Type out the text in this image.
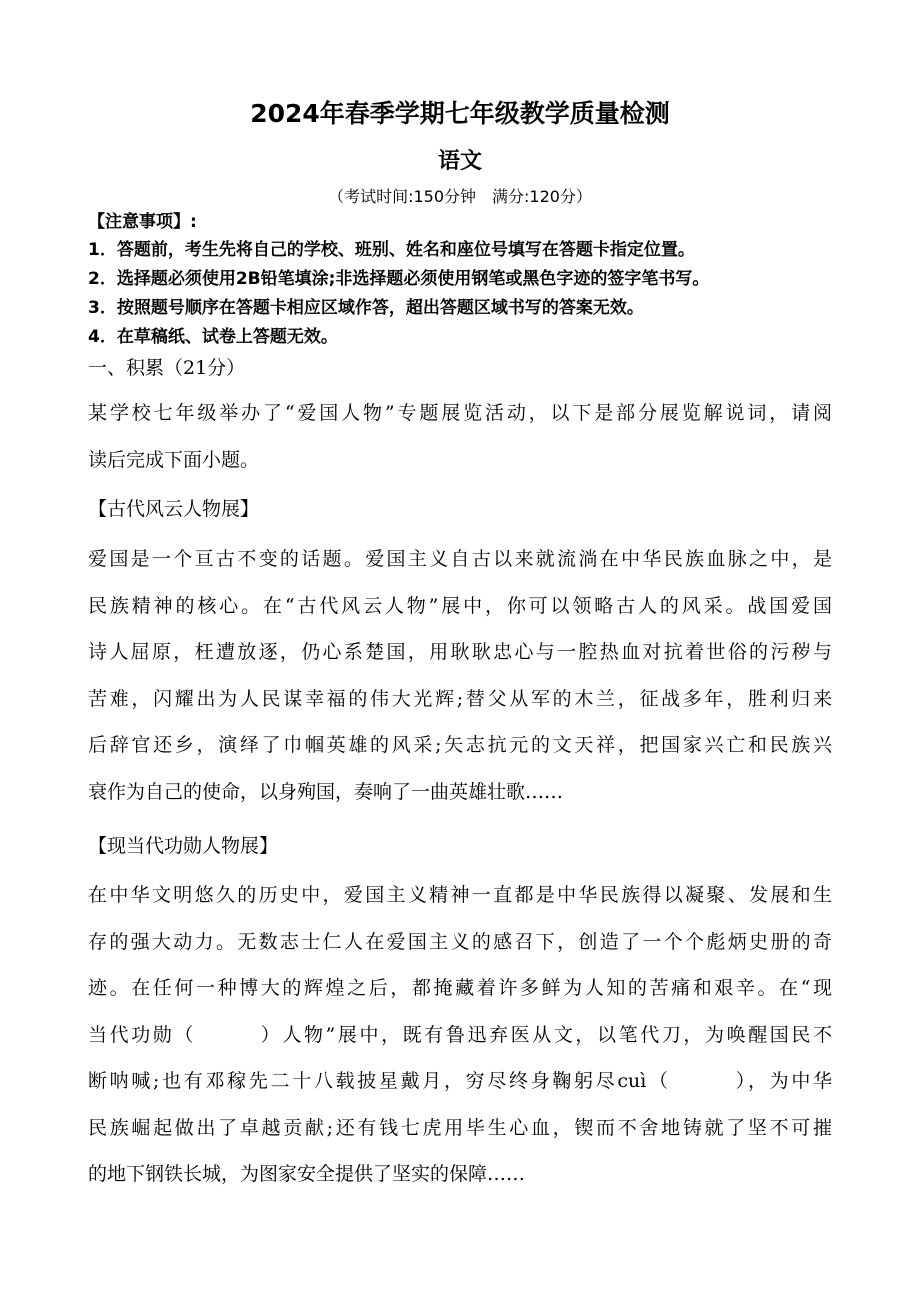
2024年春季学期七年级教学质量检测
语文
（考试时间:150分钟　满分:120分）
【注意事项】:
1．答题前，考生先将自己的学校、班别、姓名和座位号填写在答题卡指定位置。
2．选择题必须使用2B铅笔填涂;非选择题必须使用钢笔或黑色字迹的签字笔书写。
3．按照题号顺序在答题卡相应区域作答，超出答题区域书写的答案无效。
4．在草稿纸、试卷上答题无效。
一、积累（21分）
某学校七年级举办了“爱国人物”专题展览活动，以下是部分展览解说词，请阅
读后完成下面小题。
【古代风云人物展】
爱国是一个亘古不变的话题。爱国主义自古以来就流淌在中华民族血脉之中，是
民族精神的核心。在“古代风云人物”展中，你可以领略古人的风采。战国爱国
诗人屈原，枉遭放逐，仍心系楚国，用耿耿忠心与一腔热血对抗着世俗的污秽与
苦难，闪耀出为人民谋幸福的伟大光辉;替父从军的木兰，征战多年，胜利归来
后辞官还乡，演绎了巾帼英雄的风采;矢志抗元的文天祥，把国家兴亡和民族兴
衰作为自己的使命，以身殉国，奏响了一曲英雄壮歌……
【现当代功勋人物展】
在中华文明悠久的历史中，爱国主义精神一直都是中华民族得以凝聚、发展和生
存的强大动力。无数志士仁人在爱国主义的感召下，创造了一个个彪炳史册的奇
迹。在任何一种博大的辉煌之后，都掩藏着许多鲜为人知的苦痛和艰辛。在“现
当代功勋（　　　）人物”展中，既有鲁迅弃医从文，以笔代刀，为唤醒国民不
断呐喊;也有邓稼先二十八载披星戴月，穷尽终身鞠躬尽cuì（　　　），为中华
民族崛起做出了卓越贡献;还有钱七虎用毕生心血，锲而不舍地铸就了坚不可摧
的地下钢铁长城，为图家安全提供了坚实的保障……
